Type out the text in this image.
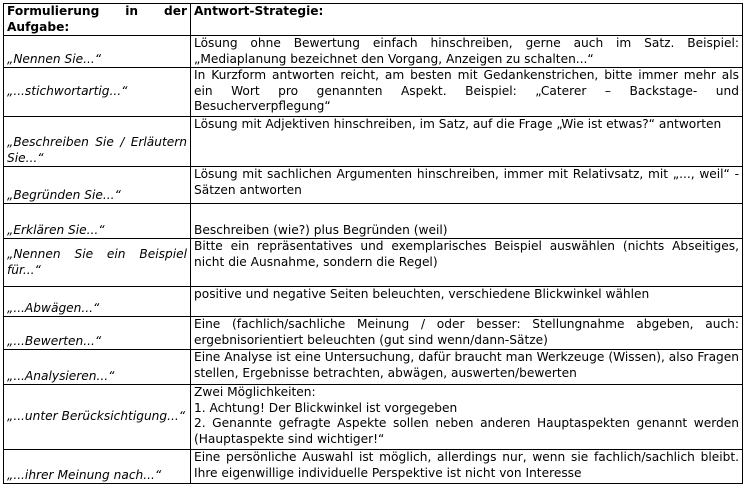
Formulierung in der Aufgabe:	Antwort-Strategie:
„Nennen Sie...“	Lösung ohne Bewertung einfach hinschreiben, gerne auch im Satz. Beispiel: „Mediaplanung bezeichnet den Vorgang, Anzeigen zu schalten...“

„...stichwortartig...“	In Kurzform antworten reicht, am besten mit Gedankenstrichen, bitte immer mehr als ein Wort pro genannten Aspekt. Beispiel: „Caterer – Backstage- und Besucherverpflegung“

„Beschreiben Sie / Erläutern Sie...“	Lösung mit Adjektiven hinschreiben, im Satz, auf die Frage „Wie ist etwas?“ antworten

„Begründen Sie...“	Lösung mit sachlichen Argumenten hinschreiben, immer mit Relativsatz, mit „..., weil“ -Sätzen antworten

„Erklären Sie...“	Beschreiben (wie?) plus Begründen (weil)

„Nennen Sie ein Beispiel für...“	Bitte ein repräsentatives und exemplarisches Beispiel auswählen (nichts Abseitiges, nicht die Ausnahme, sondern die Regel)

„...Abwägen...“	positive und negative Seiten beleuchten, verschiedene Blickwinkel wählen

„...Bewerten...“	Eine (fachlich/sachliche Meinung / oder besser: Stellungnahme abgeben, auch: ergebnisorientiert beleuchten (gut sind wenn/dann-Sätze)

„...Analysieren...“	Eine Analyse ist eine Untersuchung, dafür braucht man Werkzeuge (Wissen), also Fragen stellen, Ergebnisse betrachten, abwägen, auswerten/bewerten

„...unter Berücksichtigung...“	Zwei Möglichkeiten:
1. Achtung! Der Blickwinkel ist vorgegeben
2. Genannte gefragte Aspekte sollen neben anderen Hauptaspekten genannt werden (Hauptaspekte sind wichtiger!“

„...ihrer Meinung nach...“	Eine persönliche Auswahl ist möglich, allerdings nur, wenn sie fachlich/sachlich bleibt. Ihre eigenwillige individuelle Perspektive ist nicht von Interesse
